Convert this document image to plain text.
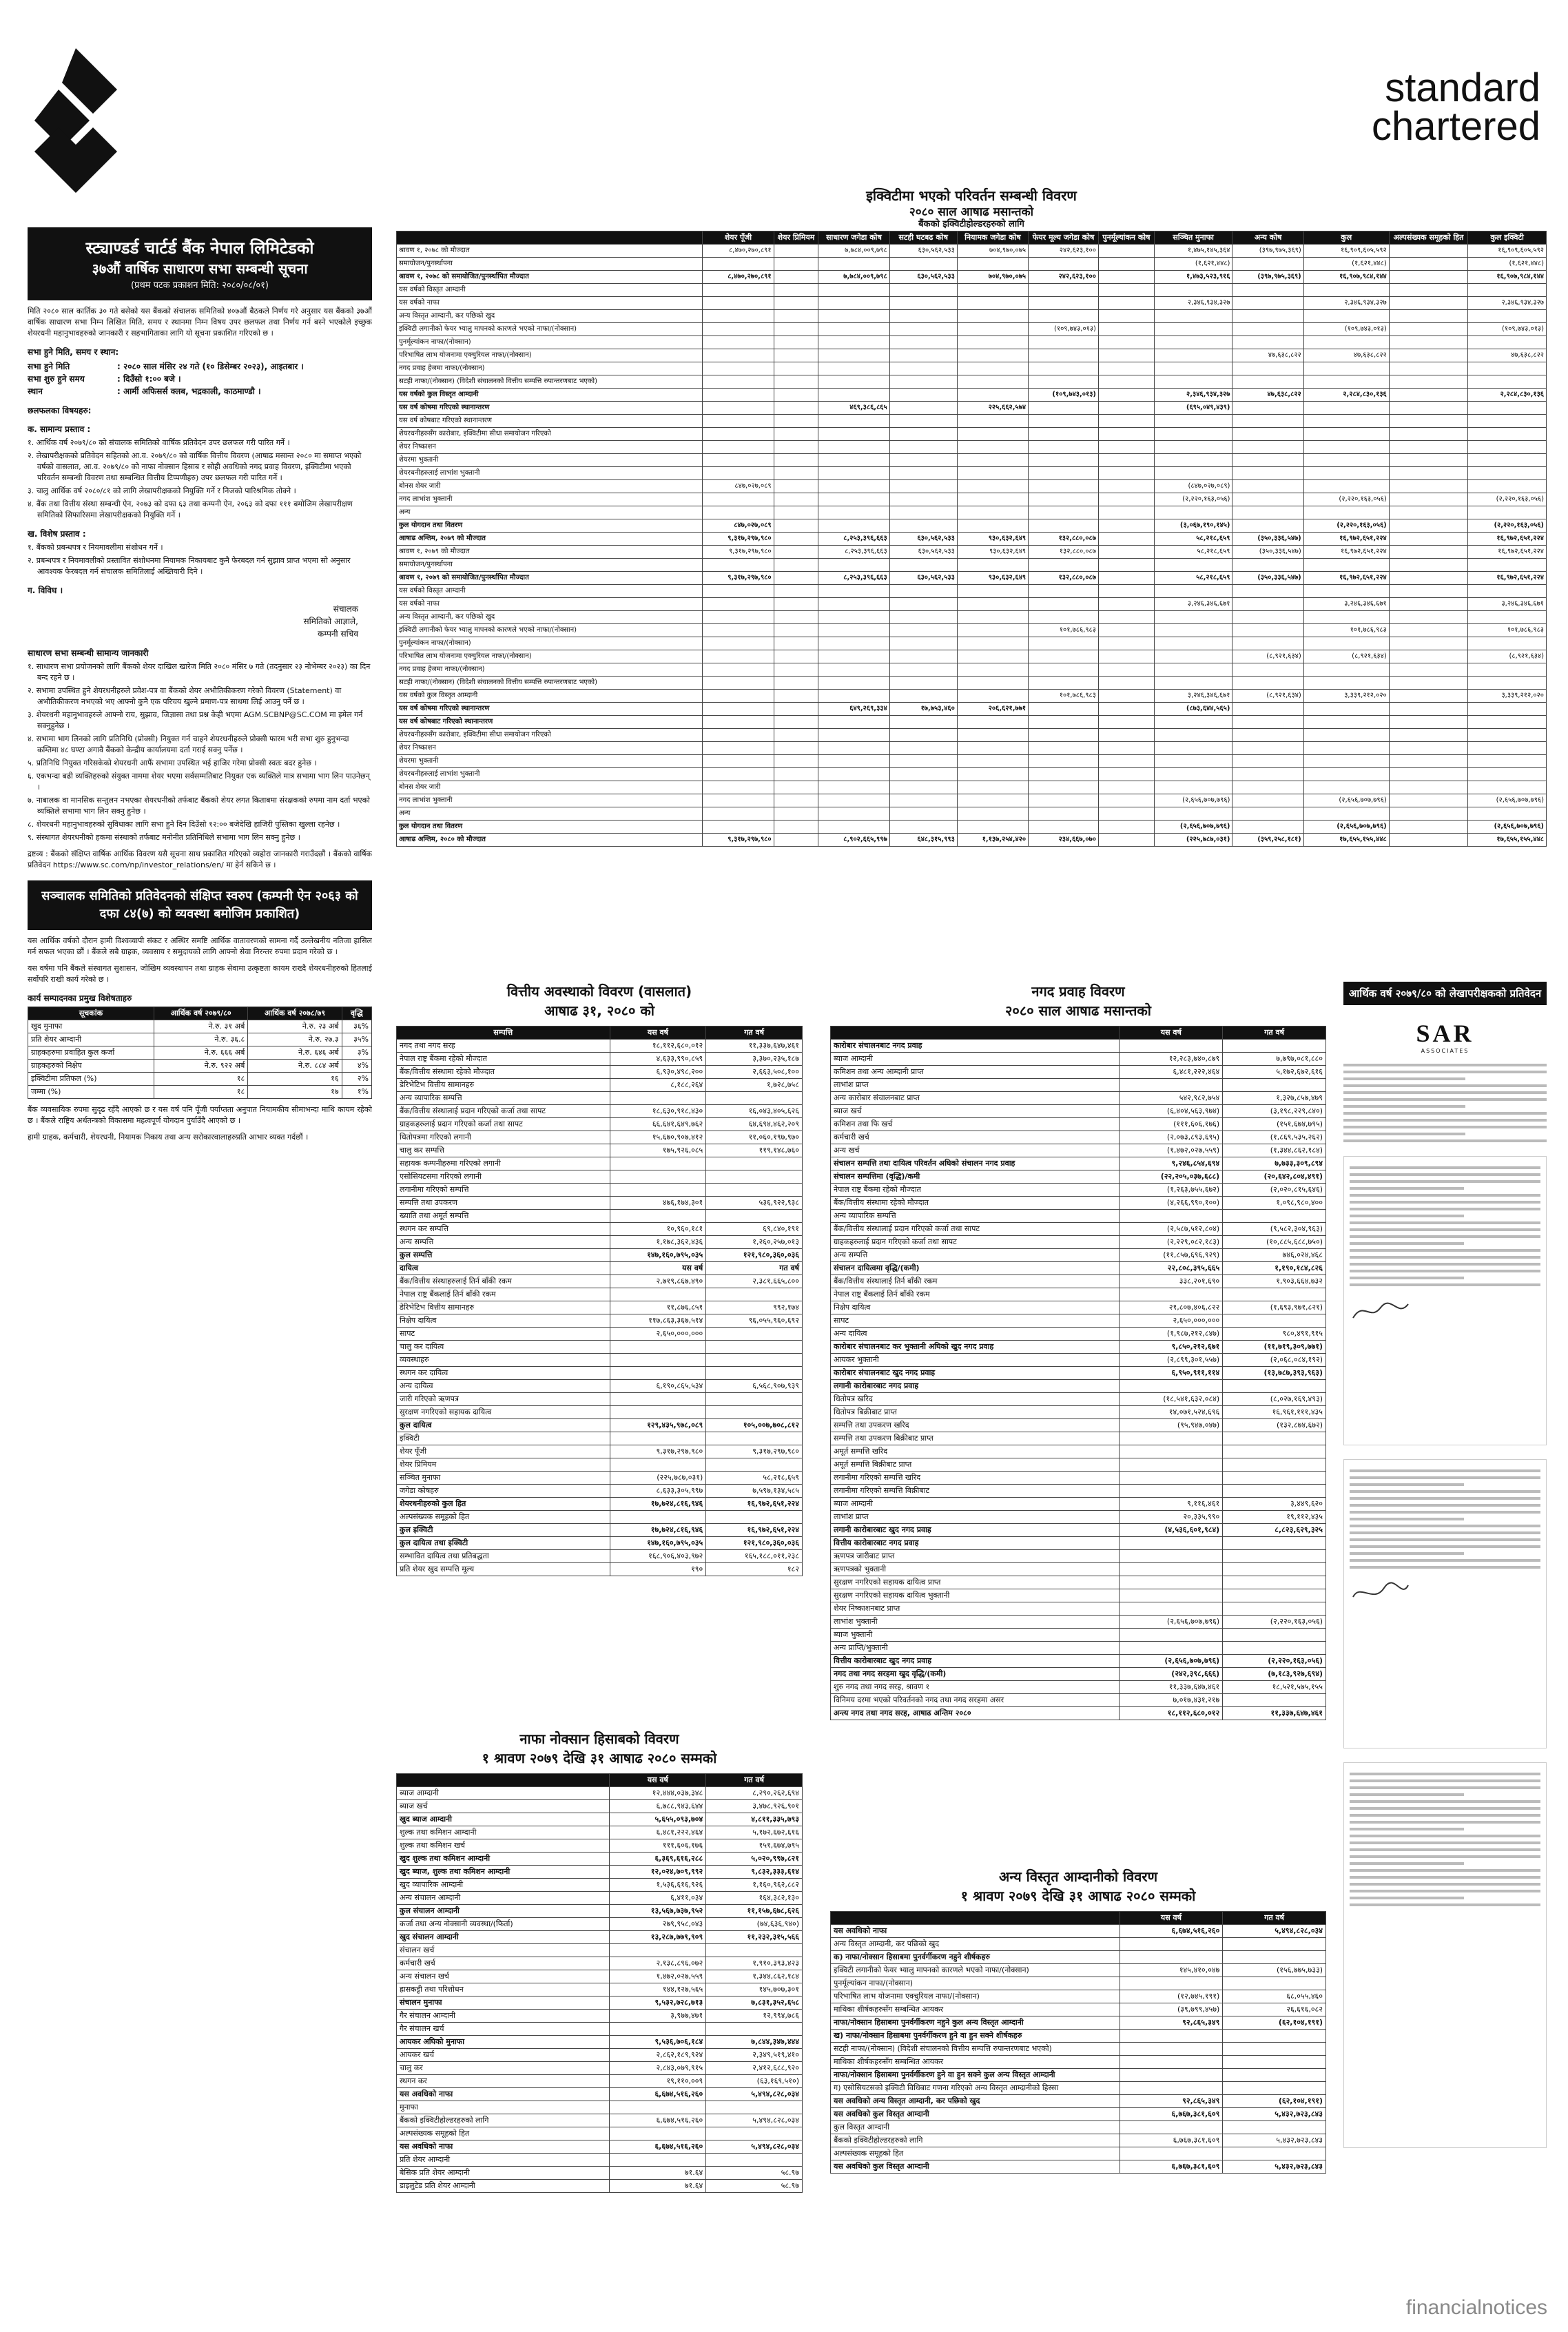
standard
chartered
स्ट्याण्डर्ड चार्टर्ड बैंक नेपाल लिमिटेडको
३७औं वार्षिक साधारण सभा सम्बन्धी सूचना
(प्रथम पटक प्रकाशन मिति: २०८०/०८/०१)

मिति २०८० साल कार्तिक ३० गते बसेको यस बैंकको संचालक समितिको ४०७औं बैठकले निर्णय गरे अनुसार यस बैंकको ३७औं वार्षिक साधारण सभा निम्न लिखित मिति, समय र स्थानमा निम्न विषय उपर छलफल तथा निर्णय गर्न बस्ने भएकोले इच्छुक शेयरधनी महानुभावहरुको जानकारी र सहभागिताका लागि यो सूचना प्रकाशित गरिएको छ ।

सभा हुने मिति, समय र स्थान:
सभा हुने मिति	: २०८० साल मंसिर २४ गते (१० डिसेम्बर २०२३), आइतबार ।
सभा शुरु हुने समय	: दिउँसो १:०० बजे ।
स्थान	: आर्मी अफिसर्स क्लब, भद्रकाली, काठमाण्डौ ।
छलफलका विषयहरु:
क. सामान्य प्रस्ताव :
१. आर्थिक वर्ष २०७९/८० को संचालक समितिको वार्षिक प्रतिवेदन उपर छलफल गरी पारित गर्ने ।
२. लेखापरीक्षकको प्रतिवेदन सहितको आ.व. २०७९/८० को वार्षिक वित्तीय विवरण (आषाढ मसान्त २०८० मा समाप्त भएको वर्षको वासलात, आ.व. २०७९/८० को नाफा नोक्सान हिसाब र सोही अवधिको नगद प्रवाह विवरण, इक्विटीमा भएको परिवर्तन सम्बन्धी विवरण तथा सम्बन्धित वित्तीय टिप्पणीहरु) उपर छलफल गरी पारित गर्ने ।
३. चालु आर्थिक वर्ष २०८०/८१ को लागि लेखापरीक्षकको नियुक्ति गर्ने र निजको पारिश्रमिक तोक्ने ।
४. बैंक तथा वित्तीय संस्था सम्बन्धी ऐन, २०७३ को दफा ६३ तथा कम्पनी ऐन, २०६३ को दफा १११ बमोजिम लेखापरीक्षण समितिको सिफारिसमा लेखापरीक्षकको नियुक्ति गर्ने ।
ख. विशेष प्रस्ताव :
१. बैंकको प्रबन्धपत्र र नियमावलीमा संशोधन गर्ने ।
२. प्रबन्धपत्र र नियमावलीको प्रस्तावित संशोधनमा नियामक निकायबाट कुनै फेरबदल गर्न सुझाव प्राप्त भएमा सो अनुसार आवश्यक फेरबदल गर्न संचालक समितिलाई अख्तियारी दिने ।
ग. विविध ।
संचालक
समितिको आज्ञाले,
कम्पनी सचिव
साधारण सभा सम्बन्धी सामान्य जानकारी
१. साधारण सभा प्रयोजनको लागि बैंकको शेयर दाखिल खारेज मिति २०८० मंसिर ७ गते (तदनुसार २३ नोभेम्बर २०२३) का दिन बन्द रहने छ ।
२. सभामा उपस्थित हुने शेयरधनीहरुले प्रवेश-पत्र वा बैंकको शेयर अभौतिकीकरण गरेको विवरण (Statement) वा अभौतिकीकरण नभएको भए आफ्नो कुनै एक परिचय खुल्ने प्रमाण-पत्र साथमा लिई आउनु पर्ने छ ।
३. शेयरधनी महानुभावहरुले आफ्नो राय, सुझाव, जिज्ञासा तथा प्रश्न केही भएमा AGM.SCBNP@SC.COM मा इमेल गर्न सक्नुहुनेछ ।
४. सभामा भाग लिनको लागि प्रतिनिधि (प्रोक्सी) नियुक्त गर्न चाहने शेयरधनीहरुले प्रोक्सी फारम भरी सभा शुरु हुनुभन्दा कम्तिमा ४८ घण्टा अगावै बैंकको केन्द्रीय कार्यालयमा दर्ता गराई सक्नु पर्नेछ ।
५. प्रतिनिधि नियुक्त गरिसकेको शेयरधनी आफैं सभामा उपस्थित भई हाजिर गरेमा प्रोक्सी स्वतः बदर हुनेछ ।
६. एकभन्दा बढी व्यक्तिहरुको संयुक्त नाममा शेयर भएमा सर्वसम्मतिबाट नियुक्त एक व्यक्तिले मात्र सभामा भाग लिन पाउनेछन् ।
७. नाबालक वा मानसिक सन्तुलन नभएका शेयरधनीको तर्फबाट बैंकको शेयर लगत किताबमा संरक्षकको रुपमा नाम दर्ता भएको व्यक्तिले सभामा भाग लिन सक्नु हुनेछ ।
८. शेयरधनी महानुभावहरुको सुविधाका लागि सभा हुने दिन दिउँसो १२:०० बजेदेखि हाजिरी पुस्तिका खुल्ला रहनेछ ।
९. संस्थागत शेयरधनीको हकमा संस्थाको तर्फबाट मनोनीत प्रतिनिधिले सभामा भाग लिन सक्नु हुनेछ ।

द्रष्टव्य : बैंकको संक्षिप्त वार्षिक आर्थिक विवरण यसै सूचना साथ प्रकाशित गरिएको व्यहोरा जानकारी गराउँदछौं । बैंकको वार्षिक प्रतिवेदन https://www.sc.com/np/investor_relations/en/ मा हेर्न सकिने छ ।

सञ्चालक समितिको प्रतिवेदनको संक्षिप्त स्वरुप (कम्पनी ऐन २०६३ को दफा ८४(७) को व्यवस्था बमोजिम प्रकाशित)

यस आर्थिक वर्षको दौरान हामी विश्वव्यापी संकट र अस्थिर समष्टि आर्थिक वातावरणको सामना गर्दै उल्लेखनीय नतिजा हासिल गर्न सफल भएका छौं । बैंकले सबै ग्राहक, व्यवसाय र समुदायको लागि आफ्नो सेवा निरन्तर रुपमा प्रदान गरेको छ ।

यस वर्षमा पनि बैंकले संस्थागत सुशासन, जोखिम व्यवस्थापन तथा ग्राहक सेवामा उत्कृष्टता कायम राख्दै शेयरधनीहरुको हितलाई सर्वोपरि राखी कार्य गरेको छ ।

कार्य सम्पादनका प्रमुख विशेषताहरु
सूचकांक	आर्थिक वर्ष २०७९/८०	आर्थिक वर्ष २०७८/७९	वृद्धि
खुद मुनाफा	ने.रु. ३१ अर्ब	ने.रु. २३ अर्ब	३६%
प्रति शेयर आम्दानी	ने.रु. ३६.८	ने.रु. २७.३	३५%
ग्राहकहरुमा प्रवाहित कुल कर्जा	ने.रु. ६६६ अर्ब	ने.रु. ६४६ अर्ब	३%
ग्राहकहरुको निक्षेप	ने.रु. ९२२ अर्ब	ने.रु. ८८४ अर्ब	४%
इक्विटीमा प्रतिफल (%)	१८	१६	२%
जम्मा (%)	१८	१७	१%

बैंक व्यवसायिक रुपमा सुदृढ रहँदै आएको छ र यस वर्ष पनि पूँजी पर्याप्तता अनुपात नियामकीय सीमाभन्दा माथि कायम रहेको छ । बैंकले राष्ट्रिय अर्थतन्त्रको विकासमा महत्वपूर्ण योगदान पुर्याउँदै आएको छ ।

हामी ग्राहक, कर्मचारी, शेयरधनी, नियामक निकाय तथा अन्य सरोकारवालाहरुप्रति आभार व्यक्त गर्दछौं ।

इक्विटीमा भएको परिवर्तन सम्बन्धी विवरण
२०८० साल आषाढ मसान्तको
बैंकको इक्विटीहोल्डरहरुको लागि
	शेयर पूँजी	शेयर प्रिमियम	साधारण जगेडा कोष	सटही घटबढ कोष	नियामक जगेडा कोष	फेयर मूल्य जगेडा कोष	पुनर्मूल्यांकन कोष	सञ्चित मुनाफा	अन्य कोष	कुल	अल्पसंख्यक समूहको हित	कुल इक्विटी
श्रावण १, २०७८ को मौज्दात	८,४७०,२७०,८९१		७,७८४,००९,७९८	६३०,५६२,५३३	७०४,९७०,०७५	२४२,६२३,१००		१,४७५,१४५,३६४	(३९७,९७५,३६९)	१६,९०९,६०५,५९२		१६,९०९,६०५,५९२
समायोजन/पुनर्स्थापना								(१,६२१,४४८)		(१,६२१,४४८)		(१,६२१,४४८)
श्रावण १, २०७८ को समायोजित/पुनर्स्थापित मौज्दात	८,४७०,२७०,८९१		७,७८४,००९,७९८	६३०,५६२,५३३	७०४,९७०,०७५	२४२,६२३,१००		१,४७३,५२३,९१६	(३९७,९७५,३६९)	१६,९०७,९८४,१४४		१६,९०७,९८४,१४४
यस वर्षको विस्तृत आम्दानी												
यस वर्षको नाफा								२,३४६,९३४,३२७		२,३४६,९३४,३२७		२,३४६,९३४,३२७
अन्य विस्तृत आम्दानी, कर पछिको खुद												
इक्विटी लगानीको फेयर भ्यालु मापनको कारणले भएको नाफा/(नोक्सान)						(१०९,७४३,०१३)				(१०९,७४३,०१३)		(१०९,७४३,०१३)
पुनर्मूल्यांकन नाफा/(नोक्सान)												
परिभाषित लाभ योजनामा एक्चुरियल नाफा/(नोक्सान)									४७,६३८,८२२	४७,६३८,८२२		४७,६३८,८२२
नगद प्रवाह हेजमा नाफा/(नोक्सान)												
सटही नाफा/(नोक्सान) (विदेशी संचालनको वित्तीय सम्पत्ति रुपान्तरणबाट भएको)												
यस वर्षको कुल विस्तृत आम्दानी						(१०९,७४३,०१३)		२,३४६,९३४,३२७	४७,६३८,८२२	२,२८४,८३०,१३६		२,२८४,८३०,१३६
यस वर्ष कोषमा गरिएको स्थानान्तरण			४६९,३८६,८६५		२२५,६६२,५७४			(६९५,०४९,४३९)				
यस वर्ष कोषबाट गरिएको स्थानान्तरण												
शेयरधनीहरुसँग कारोबार, इक्विटीमा सीधा समायोजन गरिएको												
शेयर निष्काशन												
शेयरमा भुक्तानी												
शेयरधनीहरुलाई लाभांश भुक्तानी												
बोनस शेयर जारी	८४७,०२७,०८९							(८४७,०२७,०८९)				
नगद लाभांश भुक्तानी								(२,२२०,१६३,०५६)		(२,२२०,१६३,०५६)		(२,२२०,१६३,०५६)
अन्य												
कुल योगदान तथा वितरण	८४७,०२७,०८९							(३,०६७,१९०,१४५)		(२,२२०,१६३,०५६)		(२,२२०,१६३,०५६)
आषाढ अन्तिम, २०७९ को मौज्दात	९,३१७,२९७,९८०		८,२५३,३९६,६६३	६३०,५६२,५३३	९३०,६३२,६४९	१३२,८८०,०८७		५८,२१८,६५९	(३५०,३३६,५४७)	१६,९७२,६५१,२२४		१६,९७२,६५१,२२४
श्रावण १, २०७९ को मौज्दात	९,३१७,२९७,९८०		८,२५३,३९६,६६३	६३०,५६२,५३३	९३०,६३२,६४९	१३२,८८०,०८७		५८,२१८,६५९	(३५०,३३६,५४७)	१६,९७२,६५१,२२४		१६,९७२,६५१,२२४
समायोजन/पुनर्स्थापना												
श्रावण १, २०७९ को समायोजित/पुनर्स्थापित मौज्दात	९,३१७,२९७,९८०		८,२५३,३९६,६६३	६३०,५६२,५३३	९३०,६३२,६४९	१३२,८८०,०८७		५८,२१८,६५९	(३५०,३३६,५४७)	१६,९७२,६५१,२२४		१६,९७२,६५१,२२४
यस वर्षको विस्तृत आम्दानी												
यस वर्षको नाफा								३,२४६,३४६,६७१		३,२४६,३४६,६७१		३,२४६,३४६,६७१
अन्य विस्तृत आम्दानी, कर पछिको खुद												
इक्विटी लगानीको फेयर भ्यालु मापनको कारणले भएको नाफा/(नोक्सान)						१०१,७८६,९८३				१०१,७८६,९८३		१०१,७८६,९८३
पुनर्मूल्यांकन नाफा/(नोक्सान)												
परिभाषित लाभ योजनामा एक्चुरियल नाफा/(नोक्सान)									(८,९२१,६३४)	(८,९२१,६३४)		(८,९२१,६३४)
नगद प्रवाह हेजमा नाफा/(नोक्सान)												
सटही नाफा/(नोक्सान) (विदेशी संचालनको वित्तीय सम्पत्ति रुपान्तरणबाट भएको)												
यस वर्षको कुल विस्तृत आम्दानी						१०१,७८६,९८३		३,२४६,३४६,६७१	(८,९२१,६३४)	३,३३९,२१२,०२०		३,३३९,२१२,०२०
यस वर्ष कोषमा गरिएको स्थानान्तरण			६४९,२६९,३३४	१७,७५३,४६०	२०६,६२१,७७१			(८७३,६४४,५६५)				
यस वर्ष कोषबाट गरिएको स्थानान्तरण												
शेयरधनीहरुसँग कारोबार, इक्विटीमा सीधा समायोजन गरिएको												
शेयर निष्काशन												
शेयरमा भुक्तानी												
शेयरधनीहरुलाई लाभांश भुक्तानी												
बोनस शेयर जारी												
नगद लाभांश भुक्तानी								(२,६५६,७०७,७९६)		(२,६५६,७०७,७९६)		(२,६५६,७०७,७९६)
अन्य												
कुल योगदान तथा वितरण								(२,६५६,७०७,७९६)		(२,६५६,७०७,७९६)		(२,६५६,७०७,७९६)
आषाढ अन्तिम, २०८० को मौज्दात	९,३१७,२९७,९८०		८,९०२,६६५,९९७	६४८,३१५,९९३	१,१३७,२५४,४२०	२३४,६६७,०७०		(२२५,७८७,०३१)	(३५९,२५८,१८१)	१७,६५५,१५५,४४८		१७,६५५,१५५,४४८
वित्तीय अवस्थाको विवरण (वासलात)
आषाढ ३१, २०८० को
सम्पत्ति	यस वर्ष	गत वर्ष
नगद तथा नगद सरह	१८,११२,६८०,०१२	११,३३७,६४७,४६१
नेपाल राष्ट्र बैंकमा रहेको मौज्दात	४,६३३,९९०,८५९	३,३७०,२३५,१८७
बैंक/वित्तीय संस्थामा रहेको मौज्दात	६,९३०,४९८,२००	२,६६३,५०८,१००
डेरिभेटिभ वित्तीय सामानहरु	८,१८८,२६४	१,७२८,७५८
अन्य व्यापारिक सम्पत्ति		
बैंक/वित्तीय संस्थालाई प्रदान गरिएको कर्जा तथा सापट	१८,६३०,९१८,४३०	१६,०४३,४०५,६२६
ग्राहकहरुलाई प्रदान गरिएको कर्जा तथा सापट	६६,६४१,६४९,७६२	६४,६९४,४६२,२०९
धितोपत्रमा गरिएको लगानी	१५,६७०,९०७,४१२	११,०६०,१९७,९७०
चालु कर सम्पत्ति	१७५,९२६,०८५	११९,१४८,७६०
सहायक कम्पनीहरुमा गरिएको लगानी		
एसोसियटसमा गरिएको लगानी		
लगानीमा गरिएको सम्पत्ति		
सम्पत्ति तथा उपकरण	४७६,१७४,३०१	५३६,९२२,९३८
ख्याति तथा अमूर्त सम्पत्ति		
स्थगन कर सम्पत्ति	१०,९६०,१८१	६९,८४०,१९१
अन्य सम्पत्ति	१,१७८,३६२,४३६	१,२६०,२५७,०१३
कुल सम्पत्ति	१४७,१६०,७९५,०३५	१२१,९८०,३६०,०३६
दायित्व	यस वर्ष	गत वर्ष
बैंक/वित्तीय संस्थाहरुलाई तिर्न बाँकी रकम	२,७१९,८६७,४९०	२,३८१,६६५,८००
नेपाल राष्ट्र बैंकलाई तिर्न बाँकी रकम		
डेरिभेटिभ वित्तीय सामानहरु	११,८७६,८५१	९९२,१७४
निक्षेप दायित्व	११७,८६३,३६७,५१४	९६,०५५,९६०,६९२
सापट	२,६५०,०००,०००	
चालु कर दायित्व		
व्यवस्थाहरु		
स्थगन कर दायित्व		
अन्य दायित्व	६,१९०,८६५,५३४	६,५६८,९०७,९३९
जारी गरिएको ऋणपत्र		
सुरक्षण नगरिएको सहायक दायित्व		
कुल दायित्व	१२९,४३५,९७८,०८९	१०५,००७,७०८,८१२
इक्विटी		
शेयर पूँजी	९,३१७,२९७,९८०	९,३१७,२९७,९८०
शेयर प्रिमियम		
सञ्चित मुनाफा	(२२५,७८७,०३१)	५८,२१८,६५९
जगेडा कोषहरु	८,६३३,३०५,९९७	७,५९७,१३४,५८५
शेयरधनीहरुको कुल हित	१७,७२४,८१६,९४६	१६,९७२,६५१,२२४
अल्पसंख्यक समूहको हित		
कुल इक्विटी	१७,७२४,८१६,९४६	१६,९७२,६५१,२२४
कुल दायित्व तथा इक्विटी	१४७,१६०,७९५,०३५	१२१,९८०,३६०,०३६
सम्भावित दायित्व तथा प्रतिबद्धता	१६८,९०६,४०३,९७२	१६५,१८८,०११,२३८
प्रति शेयर खुद सम्पत्ति मूल्य	१९०	१८२
नाफा नोक्सान हिसाबको विवरण
१ श्रावण २०७९ देखि ३१ आषाढ २०८० सम्मको
	यस वर्ष	गत वर्ष
ब्याज आम्दानी	१२,४४४,०३७,३४८	८,२९०,२६२,६९४
ब्याज खर्च	६,७८८,९४३,६४४	३,४७८,९२६,९०१
खुद ब्याज आम्दानी	५,६५५,०९३,७०४	४,८११,३३५,७९३
शुल्क तथा कमिशन आम्दानी	६,४८१,२२२,४६४	५,१७२,६७२,६१६
शुल्क तथा कमिशन खर्च	१११,६०६,१७६	१५१,६७४,७९५
खुद शुल्क तथा कमिशन आम्दानी	६,३६९,६१६,२८८	५,०२०,९९७,८२१
खुद ब्याज, शुल्क तथा कमिशन आम्दानी	१२,०२४,७०९,९९२	९,८३२,३३३,६१४
खुद व्यापारिक आम्दानी	१,५३६,६१६,९२६	१,१६०,९६२,८८२
अन्य संचालन आम्दानी	६,४११,०३४	१६४,३८२,१३०
कुल संचालन आम्दानी	१३,५६७,७३७,९५२	११,१५७,६७८,६२६
कर्जा तथा अन्य नोक्सानी व्यवस्था/(फिर्ता)	२७९,९५८,०४३	(७४,६३६,९४०)
खुद संचालन आम्दानी	१३,२८७,७७९,९०९	११,२३२,३१५,५६६
संचालन खर्च		
कर्मचारी खर्च	२,१३८,८९६,०७२	१,९१०,३९३,४२३
अन्य संचालन खर्च	१,४७२,०२७,५५९	१,३४४,८६२,१८४
ह्रासकट्टी तथा परिशोधन	१४४,१२७,५६५	१४५,७०७,३०१
संचालन मुनाफा	९,५३२,७२८,७१३	७,८३१,३५२,६५८
गैर संचालन आम्दानी	३,९७७,४७१	१२,९९४,७८६
गैर संचालन खर्च		
आयकर अघिको मुनाफा	९,५३६,७०६,१८४	७,८४४,३४७,४४४
आयकर खर्च	२,८६२,१८९,९२४	२,३४९,५१९,४१०
चालु कर	२,८४३,०७९,९१५	२,४१२,६८८,९२०
स्थगन कर	१९,११०,००९	(६३,१६९,५१०)
यस अवधिको नाफा	६,६७४,५१६,२६०	५,४९४,८२८,०३४
मुनाफा		
बैंकको इक्विटीहोल्डरहरुको लागि	६,६७४,५१६,२६०	५,४९४,८२८,०३४
अल्पसंख्यक समूहको हित		
यस अवधिको नाफा	६,६७४,५१६,२६०	५,४९४,८२८,०३४
प्रति शेयर आम्दानी		
बेसिक प्रति शेयर आम्दानी	७१.६४	५८.९७
डाइलुटेड प्रति शेयर आम्दानी	७१.६४	५८.९७
नगद प्रवाह विवरण
२०८० साल आषाढ मसान्तको
	यस वर्ष	गत वर्ष
कारोबार संचालनबाट नगद प्रवाह		
ब्याज आम्दानी	१२,२८३,७४०,८७९	७,७९७,०८१,८८०
कमिशन तथा अन्य आम्दानी प्राप्त	६,४८१,२२२,४६४	५,१७२,६७२,६१६
लाभांश प्राप्त		
अन्य कारोबार संचालनबाट प्राप्त	५४२,९८२,७५४	१,३२७,८५७,४७९
ब्याज खर्च	(६,४०४,५६३,९७४)	(३,१९८,२२९,८४०)
कमिशन तथा फि खर्च	(१११,६०६,१७६)	(१५१,६७४,७९५)
कर्मचारी खर्च	(२,०७३,८९३,६९५)	(१,८६९,५३५,२६२)
अन्य खर्च	(१,४७२,०२७,५५९)	(१,३४४,८६२,१८४)
संचालन सम्पत्ति तथा दायित्व परिवर्तन अघिको संचालन नगद प्रवाह	९,२४६,८५४,६९४	७,७३३,३०९,८९४
संचालन सम्पत्तिमा (वृद्धि)/कमी	(२२,२०५,०३७,६८८)	(२०,६४२,८०४,४९१)
नेपाल राष्ट्र बैंकमा रहेको मौज्दात	(१,२६३,७५५,६७२)	(२,०२०,८१५,६४६)
बैंक/वित्तीय संस्थामा रहेको मौज्दात	(४,२६६,९९०,१००)	१,०९८,९८०,४००
अन्य व्यापारिक सम्पत्ति		
बैंक/वित्तीय संस्थालाई प्रदान गरिएको कर्जा तथा सापट	(२,५८७,५१२,८०४)	(९,५८२,३०४,९६३)
ग्राहकहरुलाई प्रदान गरिएको कर्जा तथा सापट	(२,२२९,०८२,१८३)	(१०,८८५,६८८,७५०)
अन्य सम्पत्ति	(११,८५७,६९६,९२९)	७४६,०२४,४६८
संचालन दायित्वमा वृद्धि/(कमी)	२२,८०८,३९५,६६५	१,१९०,१८४,८२६
बैंक/वित्तीय संस्थालाई तिर्न बाँकी रकम	३३८,२०१,६९०	१,९०३,६६४,७३२
नेपाल राष्ट्र बैंकलाई तिर्न बाँकी रकम		
निक्षेप दायित्व	२१,८०७,४०६,८२२	(१,६९३,९७१,८२१)
सापट	२,६५०,०००,०००	
अन्य दायित्व	(१,९८७,२१२,८४७)	९८०,४९१,९१५
कारोबार संचालनबाट कर भुक्तानी अघिको खुद नगद प्रवाह	९,८५०,२१२,६७१	(११,७१९,३०९,७७१)
आयकर भुक्तानी	(२,८९९,३०१,५५७)	(२,०६८,०८४,१९२)
कारोबार संचालनबाट खुद नगद प्रवाह	६,९५०,९११,११४	(१३,७८७,३९३,९६३)
लगानी कारोबारबाट नगद प्रवाह		
धितोपत्र खरिद	(१८,५४१,६३२,०८४)	(८,०२७,१६९,४९३)
धितोपत्र बिक्रीबाट प्राप्त	१४,०७१,५२४,६९६	१६,९६१,१११,४३५
सम्पत्ति तथा उपकरण खरिद	(९५,९४७,०४७)	(१३२,८७४,६७२)
सम्पत्ति तथा उपकरण बिक्रीबाट प्राप्त		
अमूर्त सम्पत्ति खरिद		
अमूर्त सम्पत्ति बिक्रीबाट प्राप्त		
लगानीमा गरिएको सम्पत्ति खरिद		
लगानीमा गरिएको सम्पत्ति बिक्रीबाट		
ब्याज आम्दानी	९,११६,४६१	३,४४९,६२०
लाभांश प्राप्त	२०,३३५,९९०	१९,११२,४३५
लगानी कारोबारबाट खुद नगद प्रवाह	(४,५३६,६०१,९८४)	८,८२३,६२९,३२५
वित्तीय कारोबारबाट नगद प्रवाह		
ऋणपत्र जारीबाट प्राप्त		
ऋणपत्रको भुक्तानी		
सुरक्षण नगरिएको सहायक दायित्व प्राप्त		
सुरक्षण नगरिएको सहायक दायित्व भुक्तानी		
शेयर निष्काशनबाट प्राप्त		
लाभांश भुक्तानी	(२,६५६,७०७,७९६)	(२,२२०,१६३,०५६)
ब्याज भुक्तानी		
अन्य प्राप्ति/भुक्तानी		
वित्तीय कारोबारबाट खुद नगद प्रवाह	(२,६५६,७०७,७९६)	(२,२२०,१६३,०५६)
नगद तथा नगद सरहमा खुद वृद्धि/(कमी)	(२४२,३९८,६६६)	(७,१८३,९२७,६९४)
शुरु नगद तथा नगद सरह, श्रावण १	११,३३७,६४७,४६१	१८,५२१,५७५,१५५
विनिमय दरमा भएको परिवर्तनको नगद तथा नगद सरहमा असर	७,०१७,४३१,२१७	
अन्त्य नगद तथा नगद सरह, आषाढ अन्तिम २०८०	१८,११२,६८०,०१२	११,३३७,६४७,४६१
अन्य विस्तृत आम्दानीको विवरण
१ श्रावण २०७९ देखि ३१ आषाढ २०८० सम्मको
	यस वर्ष	गत वर्ष
यस अवधिको नाफा	६,६७४,५१६,२६०	५,४९४,८२८,०३४
अन्य विस्तृत आम्दानी, कर पछिको खुद		
क) नाफा/नोक्सान हिसाबमा पुनर्वर्गीकरण नहुने शीर्षकहरु		
इक्विटी लगानीको फेयर भ्यालु मापनको कारणले भएको नाफा/(नोक्सान)	१४५,४१०,०४७	(१५६,७७५,७३३)
पुनर्मूल्यांकन नाफा/(नोक्सान)		
परिभाषित लाभ योजनामा एक्चुरियल नाफा/(नोक्सान)	(१२,७४५,१९१)	६८,०५५,४६०
माथिका शीर्षकहरुसँग सम्बन्धित आयकर	(३९,७९९,४५७)	२६,६१६,०८२
नाफा/नोक्सान हिसाबमा पुनर्वर्गीकरण नहुने कुल अन्य विस्तृत आम्दानी	९२,८६५,३४९	(६२,१०४,१९१)
ख) नाफा/नोक्सान हिसाबमा पुनर्वर्गीकरण हुने वा हुन सक्ने शीर्षकहरु		
सटही नाफा/(नोक्सान) (विदेशी संचालनको वित्तीय सम्पत्ति रुपान्तरणबाट भएको)		
माथिका शीर्षकहरुसँग सम्बन्धित आयकर		
नाफा/नोक्सान हिसाबमा पुनर्वर्गीकरण हुने वा हुन सक्ने कुल अन्य विस्तृत आम्दानी		
ग) एसोसियटसको इक्विटी विधिबाट गणना गरिएको अन्य विस्तृत आम्दानीको हिस्सा		
यस अवधिको अन्य विस्तृत आम्दानी, कर पछिको खुद	९२,८६५,३४९	(६२,१०४,१९१)
यस अवधिको कुल विस्तृत आम्दानी	६,७६७,३८१,६०९	५,४३२,७२३,८४३
कुल विस्तृत आम्दानी		
बैंकको इक्विटीहोल्डरहरुको लागि	६,७६७,३८१,६०९	५,४३२,७२३,८४३
अल्पसंख्यक समूहको हित		
यस अवधिको कुल विस्तृत आम्दानी	६,७६७,३८१,६०९	५,४३२,७२३,८४३
आर्थिक वर्ष २०७९/८० को लेखापरीक्षकको प्रतिवेदन
SAR
ASSOCIATES
financialnotices
